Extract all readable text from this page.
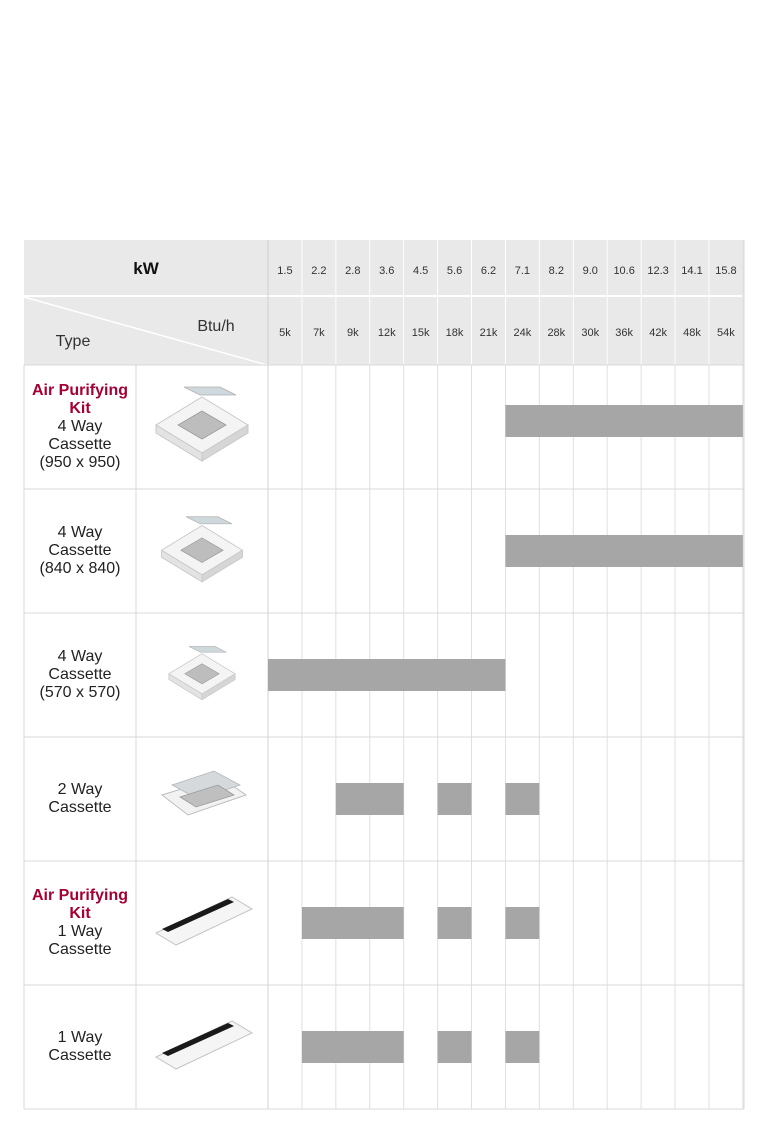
kW
Btu/h
Type
1.5 2.2 2.8 3.6 4.5 5.6 6.2 7.1 8.2 9.0 10.6 12.3 14.1 15.8
5k 7k 9k 12k 15k 18k 21k 24k 28k 30k 36k 42k 48k 54k
Air Purifying Kit
4 Way
Cassette
(950 x 950)
4 Way
Cassette
(840 x 840)
4 Way
Cassette
(570 x 570)
2 Way
Cassette
Air Purifying Kit
1 Way
Cassette
1 Way
Cassette
